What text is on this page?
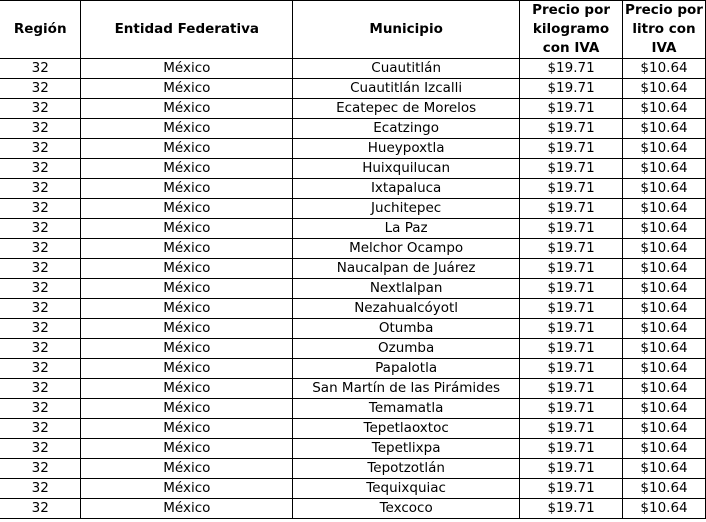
Región	Entidad Federativa	Municipio	Precio por kilogramo con IVA	Precio por litro con IVA
32	México	Cuautitlán	$19.71	$10.64
32	México	Cuautitlán Izcalli	$19.71	$10.64
32	México	Ecatepec de Morelos	$19.71	$10.64
32	México	Ecatzingo	$19.71	$10.64
32	México	Hueypoxtla	$19.71	$10.64
32	México	Huixquilucan	$19.71	$10.64
32	México	Ixtapaluca	$19.71	$10.64
32	México	Juchitepec	$19.71	$10.64
32	México	La Paz	$19.71	$10.64
32	México	Melchor Ocampo	$19.71	$10.64
32	México	Naucalpan de Juárez	$19.71	$10.64
32	México	Nextlalpan	$19.71	$10.64
32	México	Nezahualcóyotl	$19.71	$10.64
32	México	Otumba	$19.71	$10.64
32	México	Ozumba	$19.71	$10.64
32	México	Papalotla	$19.71	$10.64
32	México	San Martín de las Pirámides	$19.71	$10.64
32	México	Temamatla	$19.71	$10.64
32	México	Tepetlaoxtoc	$19.71	$10.64
32	México	Tepetlixpa	$19.71	$10.64
32	México	Tepotzotlán	$19.71	$10.64
32	México	Tequixquiac	$19.71	$10.64
32	México	Texcoco	$19.71	$10.64
